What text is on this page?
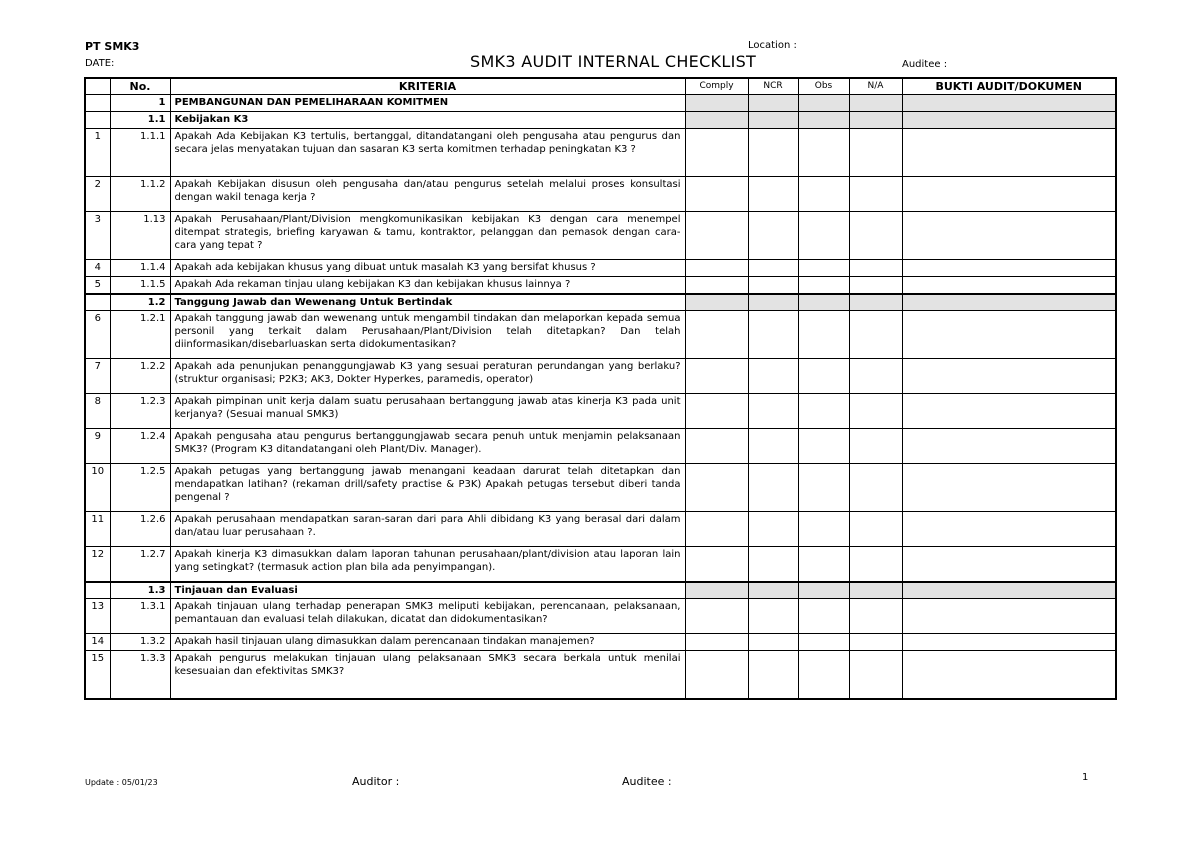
PT SMK3
DATE:
Location :
SMK3 AUDIT INTERNAL CHECKLIST	Auditee :
	No.	KRITERIA	Comply	NCR	Obs	N/A	BUKTI AUDIT/DOKUMEN
	1	PEMBANGUNAN DAN PEMELIHARAAN KOMITMEN					
	1.1	Kebijakan K3					
1	1.1.1	Apakah Ada Kebijakan K3 tertulis, bertanggal, ditandatangani oleh pengusaha atau pengurus dan secara jelas menyatakan tujuan dan sasaran K3 serta komitmen terhadap peningkatan K3 ?					
2	1.1.2	Apakah Kebijakan disusun oleh pengusaha dan/atau pengurus setelah melalui proses konsultasi dengan wakil tenaga kerja ?					
3	1.13	Apakah Perusahaan/Plant/Division mengkomunikasikan kebijakan K3 dengan cara menempel ditempat strategis, briefing karyawan & tamu, kontraktor, pelanggan dan pemasok dengan cara-cara yang tepat ?					
4	1.1.4	Apakah ada kebijakan khusus yang dibuat untuk masalah K3 yang bersifat khusus ?					
5	1.1.5	Apakah Ada rekaman tinjau ulang kebijakan K3 dan kebijakan khusus lainnya ?					
	1.2	Tanggung Jawab dan Wewenang Untuk Bertindak					
6	1.2.1	Apakah tanggung jawab dan wewenang untuk mengambil tindakan dan melaporkan kepada semua personil yang terkait dalam Perusahaan/Plant/Division telah ditetapkan? Dan telah diinformasikan/disebarluaskan serta didokumentasikan?					
7	1.2.2	Apakah ada penunjukan penanggungjawab K3 yang sesuai peraturan perundangan yang berlaku? (struktur organisasi; P2K3; AK3, Dokter Hyperkes, paramedis, operator)					
8	1.2.3	Apakah pimpinan unit kerja dalam suatu perusahaan bertanggung jawab atas kinerja K3 pada unit kerjanya? (Sesuai manual SMK3)					
9	1.2.4	Apakah pengusaha atau pengurus bertanggungjawab secara penuh untuk menjamin pelaksanaan SMK3? (Program K3 ditandatangani oleh Plant/Div. Manager).					
10	1.2.5	Apakah petugas yang bertanggung jawab menangani keadaan darurat telah ditetapkan dan mendapatkan latihan? (rekaman drill/safety practise & P3K) Apakah petugas tersebut diberi tanda pengenal ?					
11	1.2.6	Apakah perusahaan mendapatkan saran-saran dari para Ahli dibidang K3 yang berasal dari dalam dan/atau luar perusahaan ?.					
12	1.2.7	Apakah kinerja K3 dimasukkan dalam laporan tahunan perusahaan/plant/division atau laporan lain yang setingkat? (termasuk action plan bila ada penyimpangan).					
	1.3	Tinjauan dan Evaluasi					
13	1.3.1	Apakah tinjauan ulang terhadap penerapan SMK3 meliputi kebijakan, perencanaan, pelaksanaan, pemantauan dan evaluasi telah dilakukan, dicatat dan didokumentasikan?					
14	1.3.2	Apakah hasil tinjauan ulang dimasukkan dalam perencanaan tindakan manajemen?					
15	1.3.3	Apakah pengurus melakukan tinjauan ulang pelaksanaan SMK3 secara berkala untuk menilai kesesuaian dan efektivitas SMK3?					
Update : 05/01/23	Auditor :	Auditee :	1
